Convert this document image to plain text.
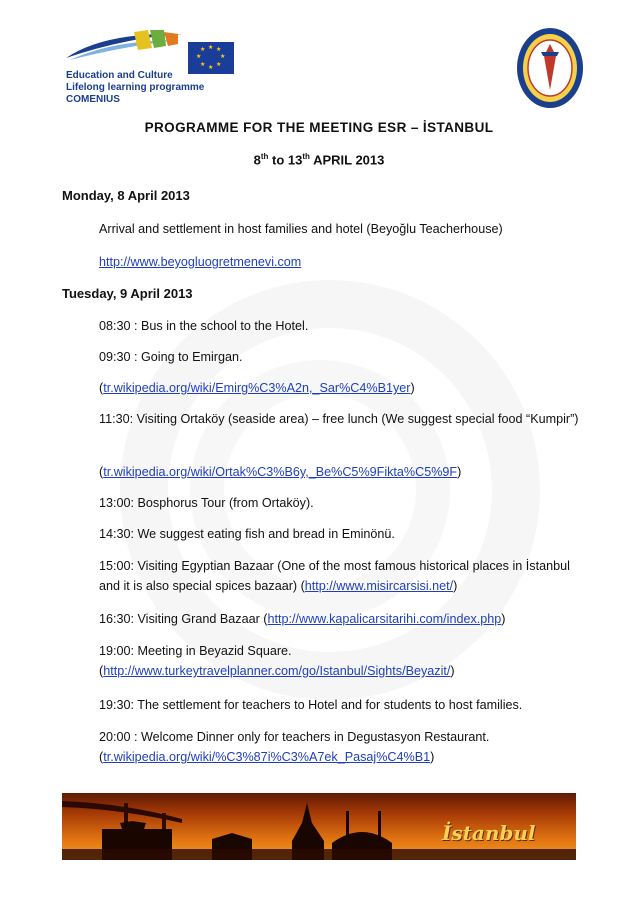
★ ★
★
★
★
★
★
★
Education and Culture
Lifelong learning programme
COMENIUS
PROGRAMME FOR THE MEETING ESR – İSTANBUL
8th to 13th APRIL 2013
Monday, 8 April 2013
Arrival and settlement in host families and hotel (Beyoğlu Teacherhouse)
http://www.beyogluogretmenevi.com
Tuesday, 9 April 2013
08:30 : Bus in the school to the Hotel.
09:30 : Going to Emirgan.
(tr.wikipedia.org/wiki/Emirg%C3%A2n,_Sar%C4%B1yer)
11:30: Visiting Ortaköy (seaside area) – free lunch (We suggest special food “Kumpir”)
(tr.wikipedia.org/wiki/Ortak%C3%B6y,_Be%C5%9Fikta%C5%9F)
13:00: Bosphorus Tour (from Ortaköy).
14:30: We suggest eating fish and bread in Eminönü.
15:00: Visiting Egyptian Bazaar (One of the most famous historical places in İstanbul and it is also special spices bazaar) (http://www.misircarsisi.net/)
16:30: Visiting Grand Bazaar (http://www.kapalicarsitarihi.com/index.php)
19:00: Meeting in Beyazid Square. (http://www.turkeytravelplanner.com/go/Istanbul/Sights/Beyazit/)
19:30: The settlement for teachers to Hotel and for students to host families.
20:00 : Welcome Dinner only for teachers in Degustasyon Restaurant. (tr.wikipedia.org/wiki/%C3%87i%C3%A7ek_Pasaj%C4%B1)
İstanbul
